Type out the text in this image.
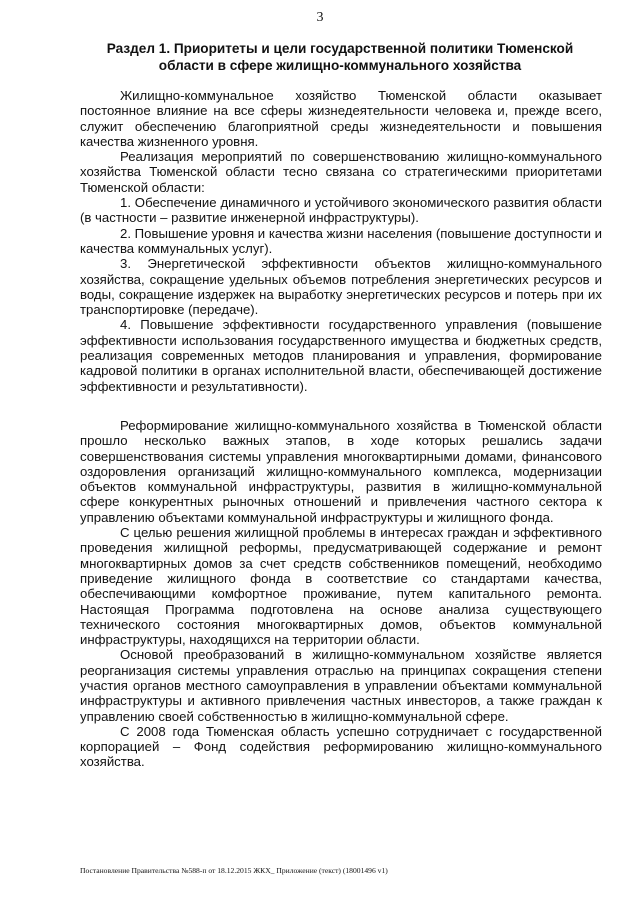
3
Раздел 1. Приоритеты и цели государственной политики Тюменской области в сфере жилищно-коммунального хозяйства

Жилищно-коммунальное хозяйство Тюменской области оказывает постоянное влияние на все сферы жизнедеятельности человека и, прежде всего, служит обеспечению благоприятной среды жизнедеятельности и повышения качества жизненного уровня.

Реализация мероприятий по совершенствованию жилищно-коммунального хозяйства Тюменской области тесно связана со стратегическими приоритетами Тюменской области:

1. Обеспечение динамичного и устойчивого экономического развития области (в частности – развитие инженерной инфраструктуры).

2. Повышение уровня и качества жизни населения (повышение доступности и качества коммунальных услуг).

3. Энергетической эффективности объектов жилищно-коммунального хозяйства, сокращение удельных объемов потребления энергетических ресурсов и воды, сокращение издержек на выработку энергетических ресурсов и потерь при их транспортировке (передаче).

4. Повышение эффективности государственного управления (повышение эффективности использования государственного имущества и бюджетных средств, реализация современных методов планирования и управления, формирование кадровой политики в органах исполнительной власти, обеспечивающей достижение эффективности и результативности).

Реформирование жилищно-коммунального хозяйства в Тюменской области прошло несколько важных этапов, в ходе которых решались задачи совершенствования системы управления многоквартирными домами, финансового оздоровления организаций жилищно-коммунального комплекса, модернизации объектов коммунальной инфраструктуры, развития в жилищно-коммунальной сфере конкурентных рыночных отношений и привлечения частного сектора к управлению объектами коммунальной инфраструктуры и жилищного фонда.

С целью решения жилищной проблемы в интересах граждан и эффективного проведения жилищной реформы, предусматривающей содержание и ремонт многоквартирных домов за счет средств собственников помещений, необходимо приведение жилищного фонда в соответствие со стандартами качества, обеспечивающими комфортное проживание, путем капитального ремонта. Настоящая Программа подготовлена на основе анализа существующего технического состояния многоквартирных домов, объектов коммунальной инфраструктуры, находящихся на территории области.

Основой преобразований в жилищно-коммунальном хозяйстве является реорганизация системы управления отраслью на принципах сокращения степени участия органов местного самоуправления в управлении объектами коммунальной инфраструктуры и активного привлечения частных инвесторов, а также граждан к управлению своей собственностью в жилищно-коммунальной сфере.

С 2008 года Тюменская область успешно сотрудничает с государственной корпорацией – Фонд содействия реформированию жилищно-коммунального хозяйства.

Постановление Правительства №588-п от 18.12.2015 ЖКХ_ Приложение (текст) (18001496 v1)
